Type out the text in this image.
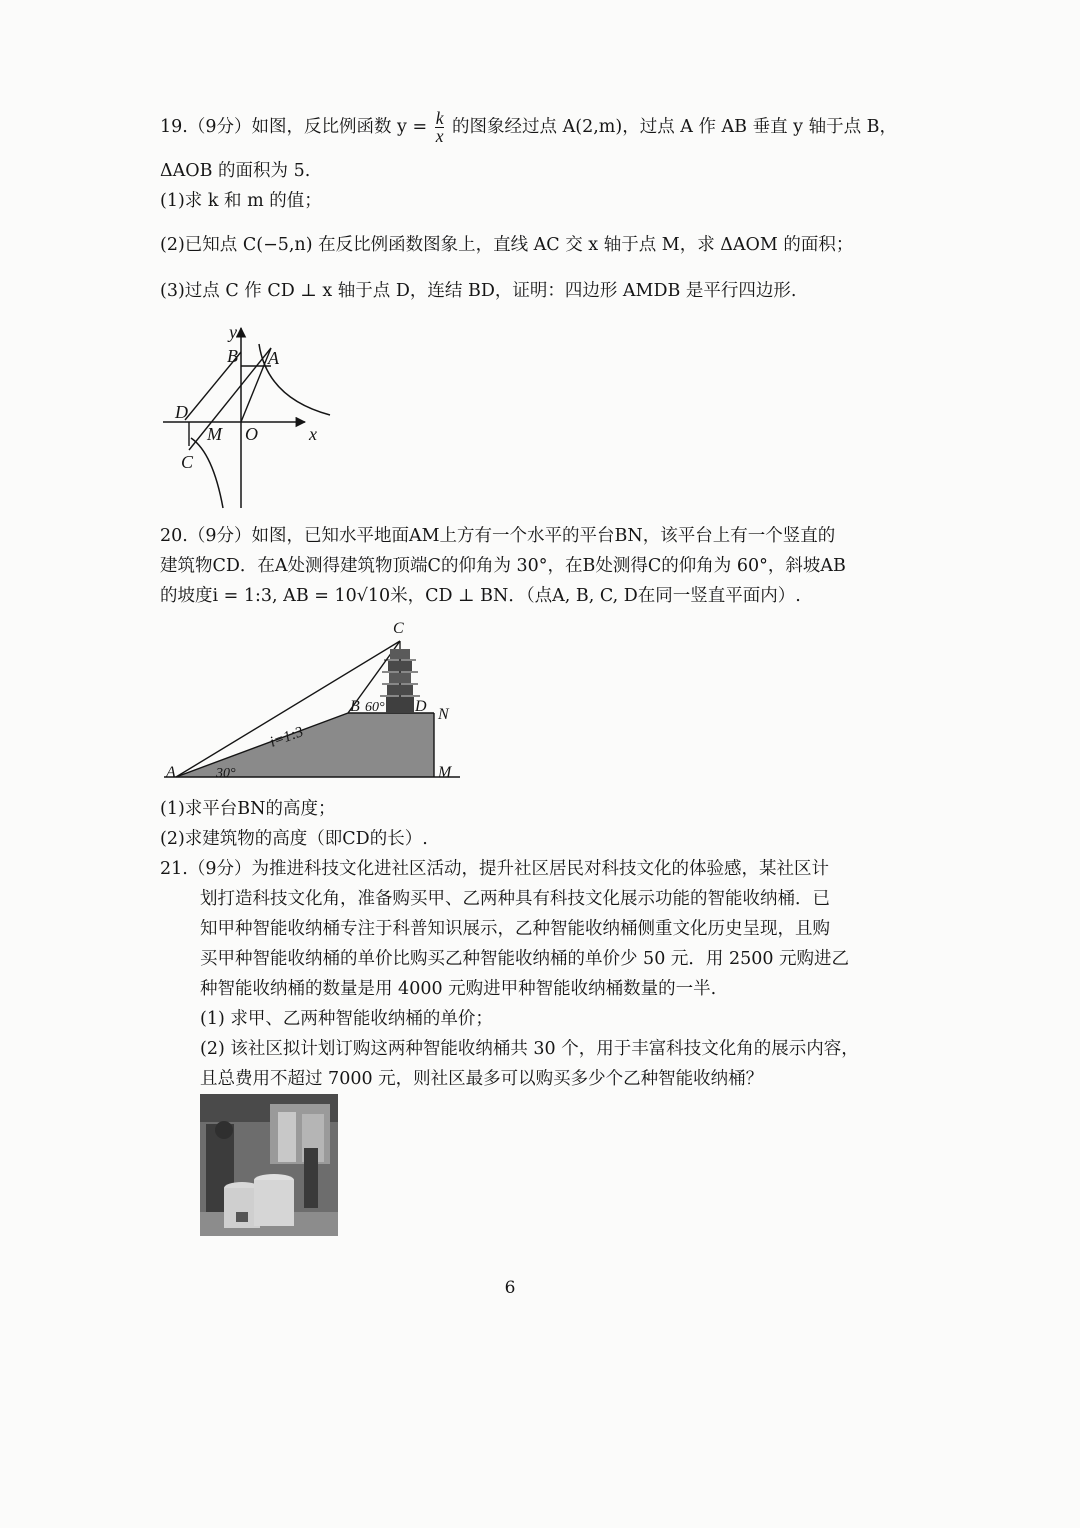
19.（9分）如图，反比例函数 $y = \frac{k}{x}$ 的图象经过点 A(2,m)，过点 A 作 AB 垂直 y 轴于点 B，
ΔAOB 的面积为 5.
(1)求 k 和 m 的值；
(2)已知点 C(−5,n) 在反比例函数图象上，直线 AC 交 x 轴于点 M，求 ΔAOM 的面积；
(3)过点 C 作 CD ⊥ x 轴于点 D，连结 BD，证明：四边形 AMDB 是平行四边形.
y
B A
D
M O	x
C
20.（9分）如图，已知水平地面AM上方有一个水平的平台BN，该平台上有一个竖直的
建筑物CD．在A处测得建筑物顶端C的仰角为 30°，在B处测得C的仰角为 60°，斜坡AB
的坡度i = 1:3, AB = 10√10米，CD ⊥ BN．（点A, B, C, D在同一竖直平面内）.
C
B 60° D N
A	30°	M
i=1:3
(1)求平台BN的高度；
(2)求建筑物的高度（即CD的长）.
21.（9分）为推进科技文化进社区活动，提升社区居民对科技文化的体验感，某社区计
划打造科技文化角，准备购买甲、乙两种具有科技文化展示功能的智能收纳桶．已
知甲种智能收纳桶专注于科普知识展示，乙种智能收纳桶侧重文化历史呈现，且购
买甲种智能收纳桶的单价比购买乙种智能收纳桶的单价少 50 元．用 2500 元购进乙
种智能收纳桶的数量是用 4000 元购进甲种智能收纳桶数量的一半.
(1) 求甲、乙两种智能收纳桶的单价；
(2) 该社区拟计划订购这两种智能收纳桶共 30 个，用于丰富科技文化角的展示内容，
且总费用不超过 7000 元，则社区最多可以购买多少个乙种智能收纳桶？
6
